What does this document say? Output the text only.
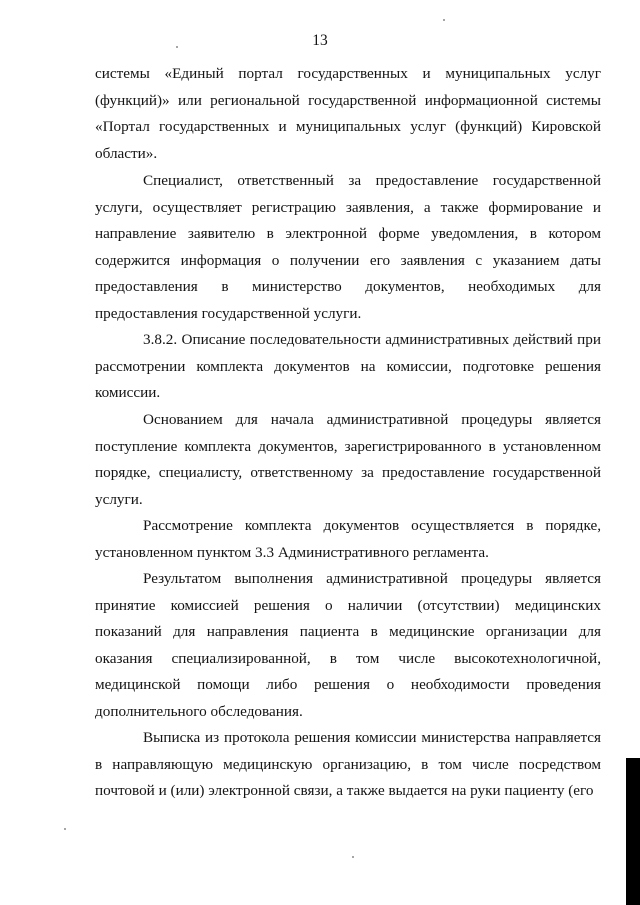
13

системы «Единый портал государственных и муниципальных услуг (функций)» или региональной государственной информационной системы «Портал государственных и муниципальных услуг (функций) Кировской области».

Специалист, ответственный за предоставление государственной услуги, осуществляет регистрацию заявления, а также формирование и направление заявителю в электронной форме уведомления, в котором содержится информация о получении его заявления с указанием даты предоставления в министерство документов, необходимых для предоставления государственной услуги.

3.8.2. Описание последовательности административных действий при рассмотрении комплекта документов на комиссии, подготовке решения комиссии.

Основанием для начала административной процедуры является поступление комплекта документов, зарегистрированного в установленном порядке, специалисту, ответственному за предоставление государственной услуги.

Рассмотрение комплекта документов осуществляется в порядке, установленном пунктом 3.3 Административного регламента.

Результатом выполнения административной процедуры является принятие комиссией решения о наличии (отсутствии) медицинских показаний для направления пациента в медицинские организации для оказания специализированной, в том числе высокотехнологичной, медицинской помощи либо решения о необходимости проведения дополнительного обследования.

Выписка из протокола решения комиссии министерства направляется в направляющую медицинскую организацию, в том числе посредством почтовой и (или) электронной связи, а также выдается на руки пациенту (его
